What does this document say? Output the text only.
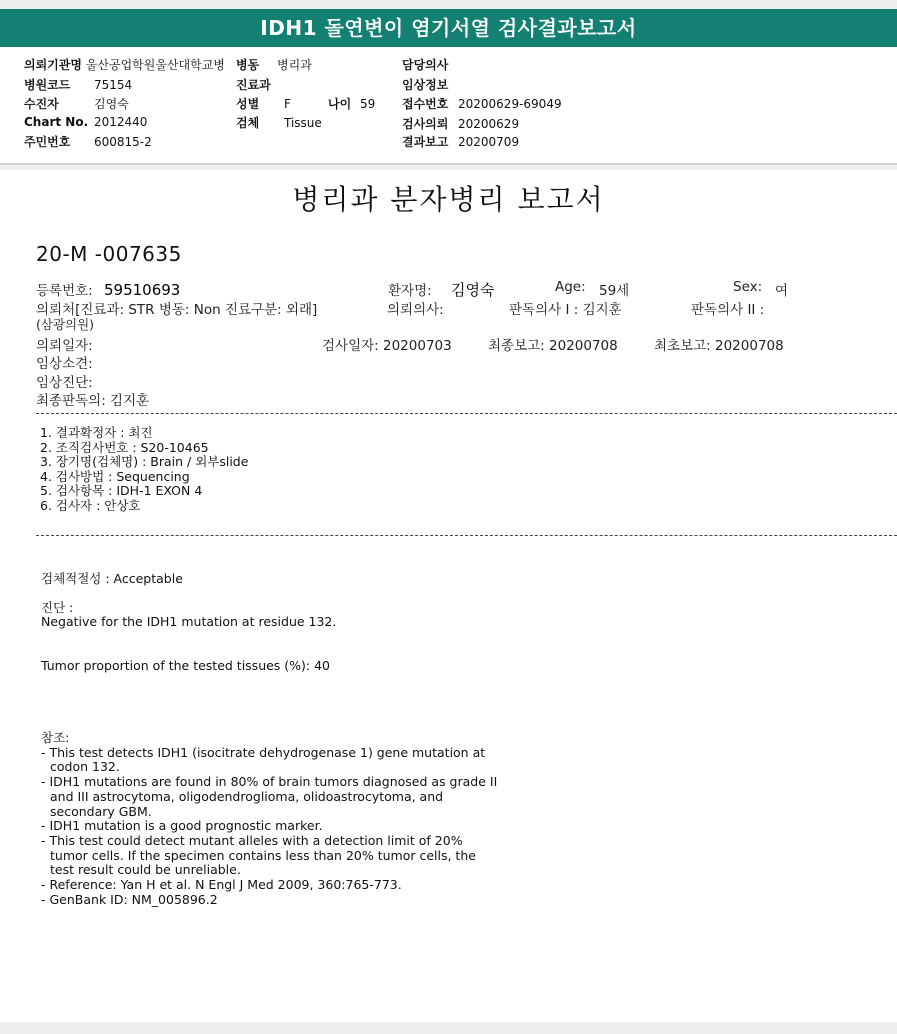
IDH1 돌연변이 염기서열 검사결과보고서
의뢰기관명 울산공업학원울산대학교병 병동 병리과	담당의사
병원코드 75154	진료과	임상정보
수진자	김영숙	성별 F	나이 59 접수번호 20200629-69049
Chart No. 2012440	검체 Tissue	검사의뢰 20200629
주민번호 600815-2	결과보고 20200709
병리과 분자병리 보고서
20-M -007635
등록번호: 59510693	환자명: 김영숙	Age: 59세	Sex: 여
의뢰처[진료과: STR 병동: Non 진료구분: 외래]	의뢰의사:	판독의사 I : 김지훈	판독의사 II :
(삼광의원)
의뢰일자:	검사일자: 20200703	최종보고: 20200708	최초보고: 20200708
임상소견:
임상진단:
최종판독의: 김지훈
1. 결과확정자 : 최진
2. 조직검사번호 : S20-10465
3. 장기명(검체명) : Brain / 외부slide
4. 검사방법 : Sequencing
5. 검사항목 : IDH-1 EXON 4
6. 검사자 : 안상호
검체적절성 : Acceptable
진단 :
Negative for the IDH1 mutation at residue 132.
Tumor proportion of the tested tissues (%): 40
참조:
- This test detects IDH1 (isocitrate dehydrogenase 1) gene mutation at
codon 132.
- IDH1 mutations are found in 80% of brain tumors diagnosed as grade II
and III astrocytoma, oligodendroglioma, olidoastrocytoma, and
secondary GBM.
- IDH1 mutation is a good prognostic marker.
- This test could detect mutant alleles with a detection limit of 20%
tumor cells. If the specimen contains less than 20% tumor cells, the
test result could be unreliable.
- Reference: Yan H et al. N Engl J Med 2009, 360:765-773.
- GenBank ID: NM_005896.2
